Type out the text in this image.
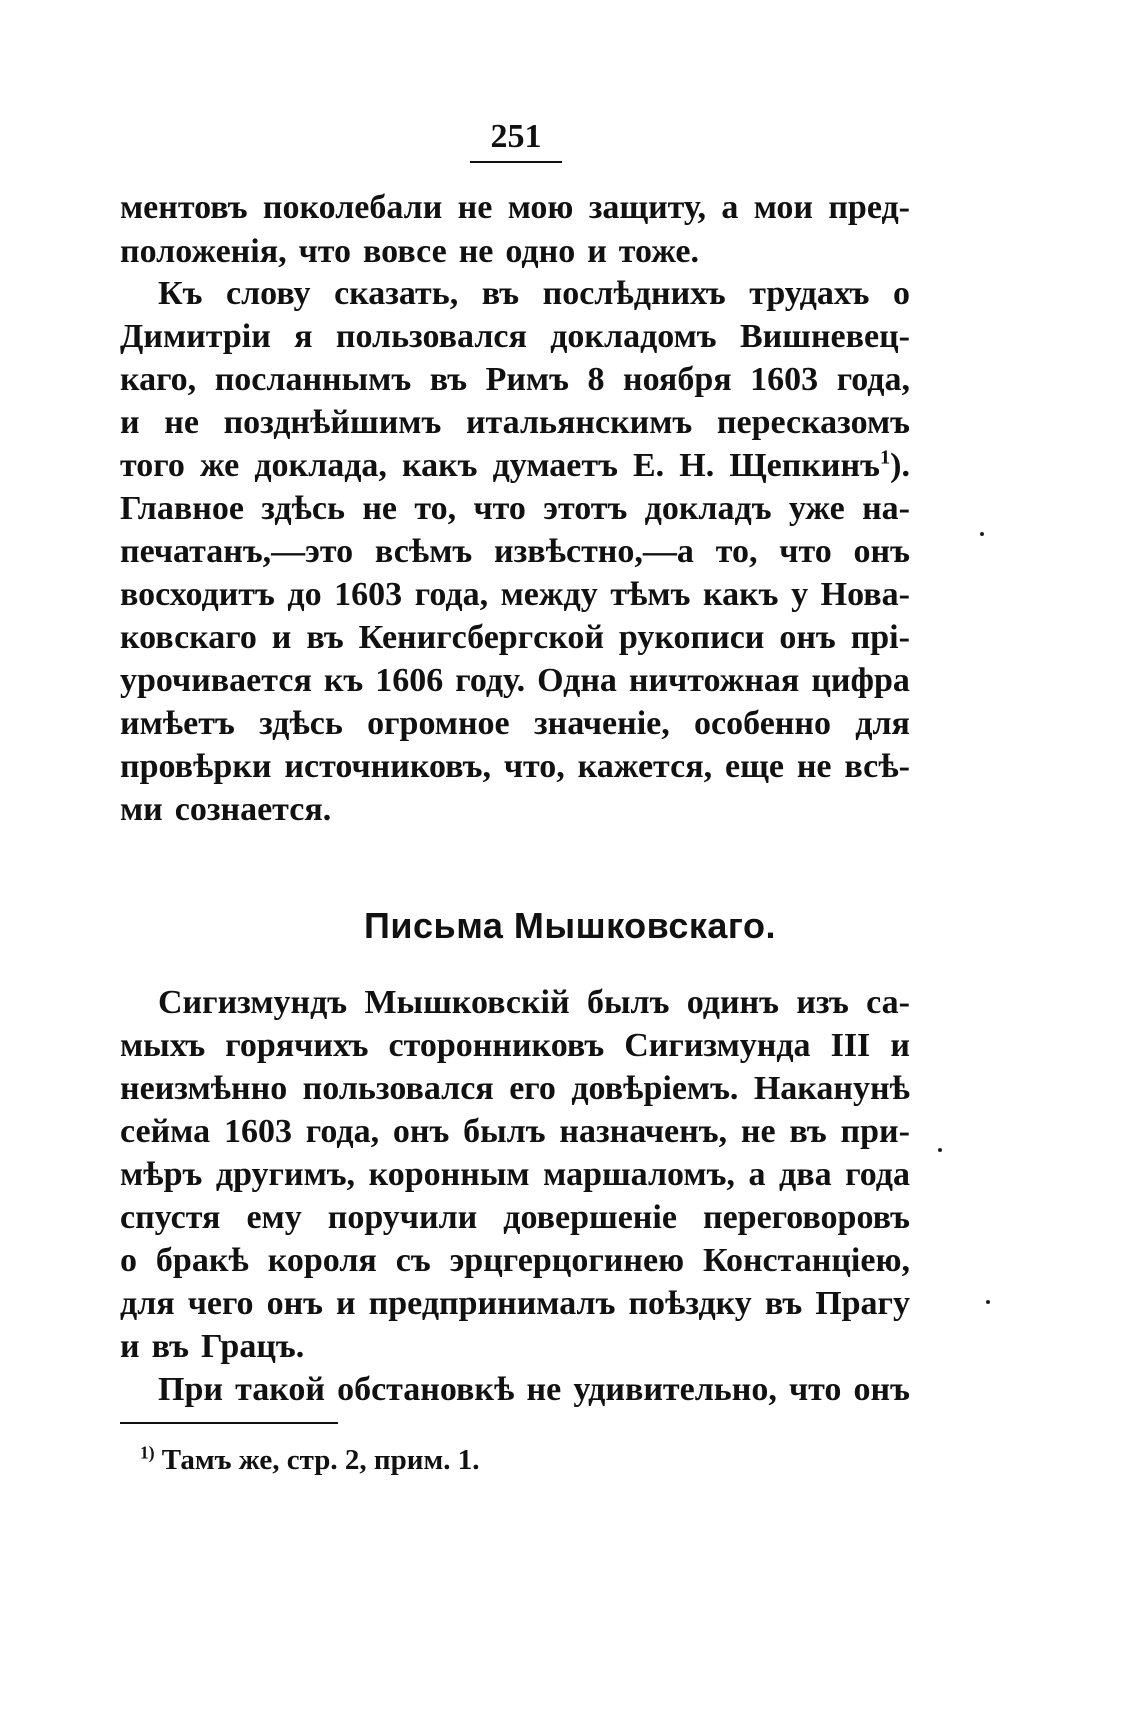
251
ментовъ поколебали не мою защиту, а мои пред-
положенія, что вовсе не одно и тоже.
Къ слову сказать, въ послѣднихъ трудахъ о
Димитріи я пользовался докладомъ Вишневец-
каго, посланнымъ въ Римъ 8 ноября 1603 года,
и не позднѣйшимъ итальянскимъ пересказомъ
того же доклада, какъ думаетъ Е. Н. Щепкинъ$^1$).
Главное здѣсь не то, что этотъ докладъ уже на-
печатанъ,—это всѣмъ извѣстно,—а то, что онъ
восходитъ до 1603 года, между тѣмъ какъ у Нова-
ковскаго и въ Кенигсбергской рукописи онъ прі-
урочивается къ 1606 году. Одна ничтожная цифра
имѣетъ здѣсь огромное значеніе, особенно для
провѣрки источниковъ, что, кажется, еще не всѣ-
ми сознается.
Письма Мышковскаго.
Сигизмундъ Мышковскій былъ одинъ изъ са-
мыхъ горячихъ сторонниковъ Сигизмунда III и
неизмѣнно пользовался его довѣріемъ. Наканунѣ
сейма 1603 года, онъ былъ назначенъ, не въ при-
мѣръ другимъ, коронным маршаломъ, а два года
спустя ему поручили довершеніе переговоровъ
о бракѣ короля съ эрцгерцогинею Констанціею,
для чего онъ и предпринималъ поѣздку въ Прагу
и въ Грацъ.
При такой обстановкѣ не удивительно, что онъ
$^{1)}$ Тамъ же, стр. 2, прим. 1.
